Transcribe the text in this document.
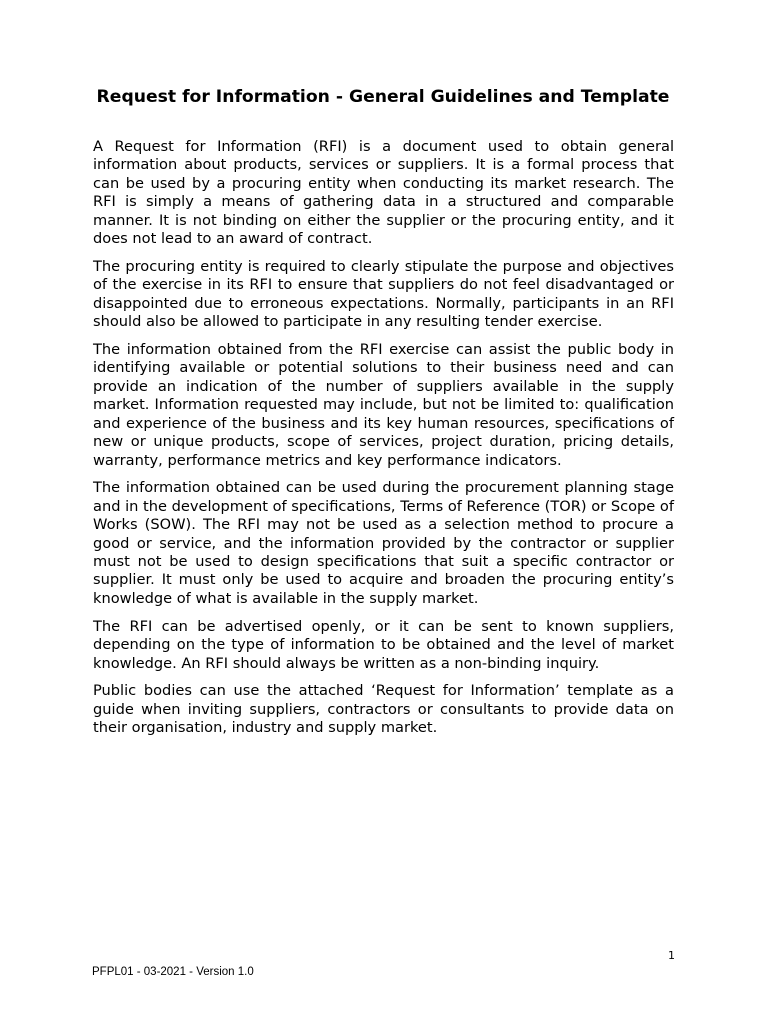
Request for Information - General Guidelines and Template

A Request for Information (RFI) is a document used to obtain general information about products, services or suppliers. It is a formal process that can be used by a procuring entity when conducting its market research. The RFI is simply a means of gathering data in a structured and comparable manner. It is not binding on either the supplier or the procuring entity, and it does not lead to an award of contract.

The procuring entity is required to clearly stipulate the purpose and objectives of the exercise in its RFI to ensure that suppliers do not feel disadvantaged or disappointed due to erroneous expectations. Normally, participants in an RFI should also be allowed to participate in any resulting tender exercise.

The information obtained from the RFI exercise can assist the public body in identifying available or potential solutions to their business need and can provide an indication of the number of suppliers available in the supply market. Information requested may include, but not be limited to: qualification and experience of the business and its key human resources, specifications of new or unique products, scope of services, project duration, pricing details, warranty, performance metrics and key performance indicators.

The information obtained can be used during the procurement planning stage and in the development of specifications, Terms of Reference (TOR) or Scope of Works (SOW). The RFI may not be used as a selection method to procure a good or service, and the information provided by the contractor or supplier must not be used to design specifications that suit a specific contractor or supplier. It must only be used to acquire and broaden the procuring entity’s knowledge of what is available in the supply market.

The RFI can be advertised openly, or it can be sent to known suppliers, depending on the type of information to be obtained and the level of market knowledge. An RFI should always be written as a non-binding inquiry.

Public bodies can use the attached ‘Request for Information’ template as a guide when inviting suppliers, contractors or consultants to provide data on their organisation, industry and supply market.

1
PFPL01 - 03-2021 - Version 1.0
